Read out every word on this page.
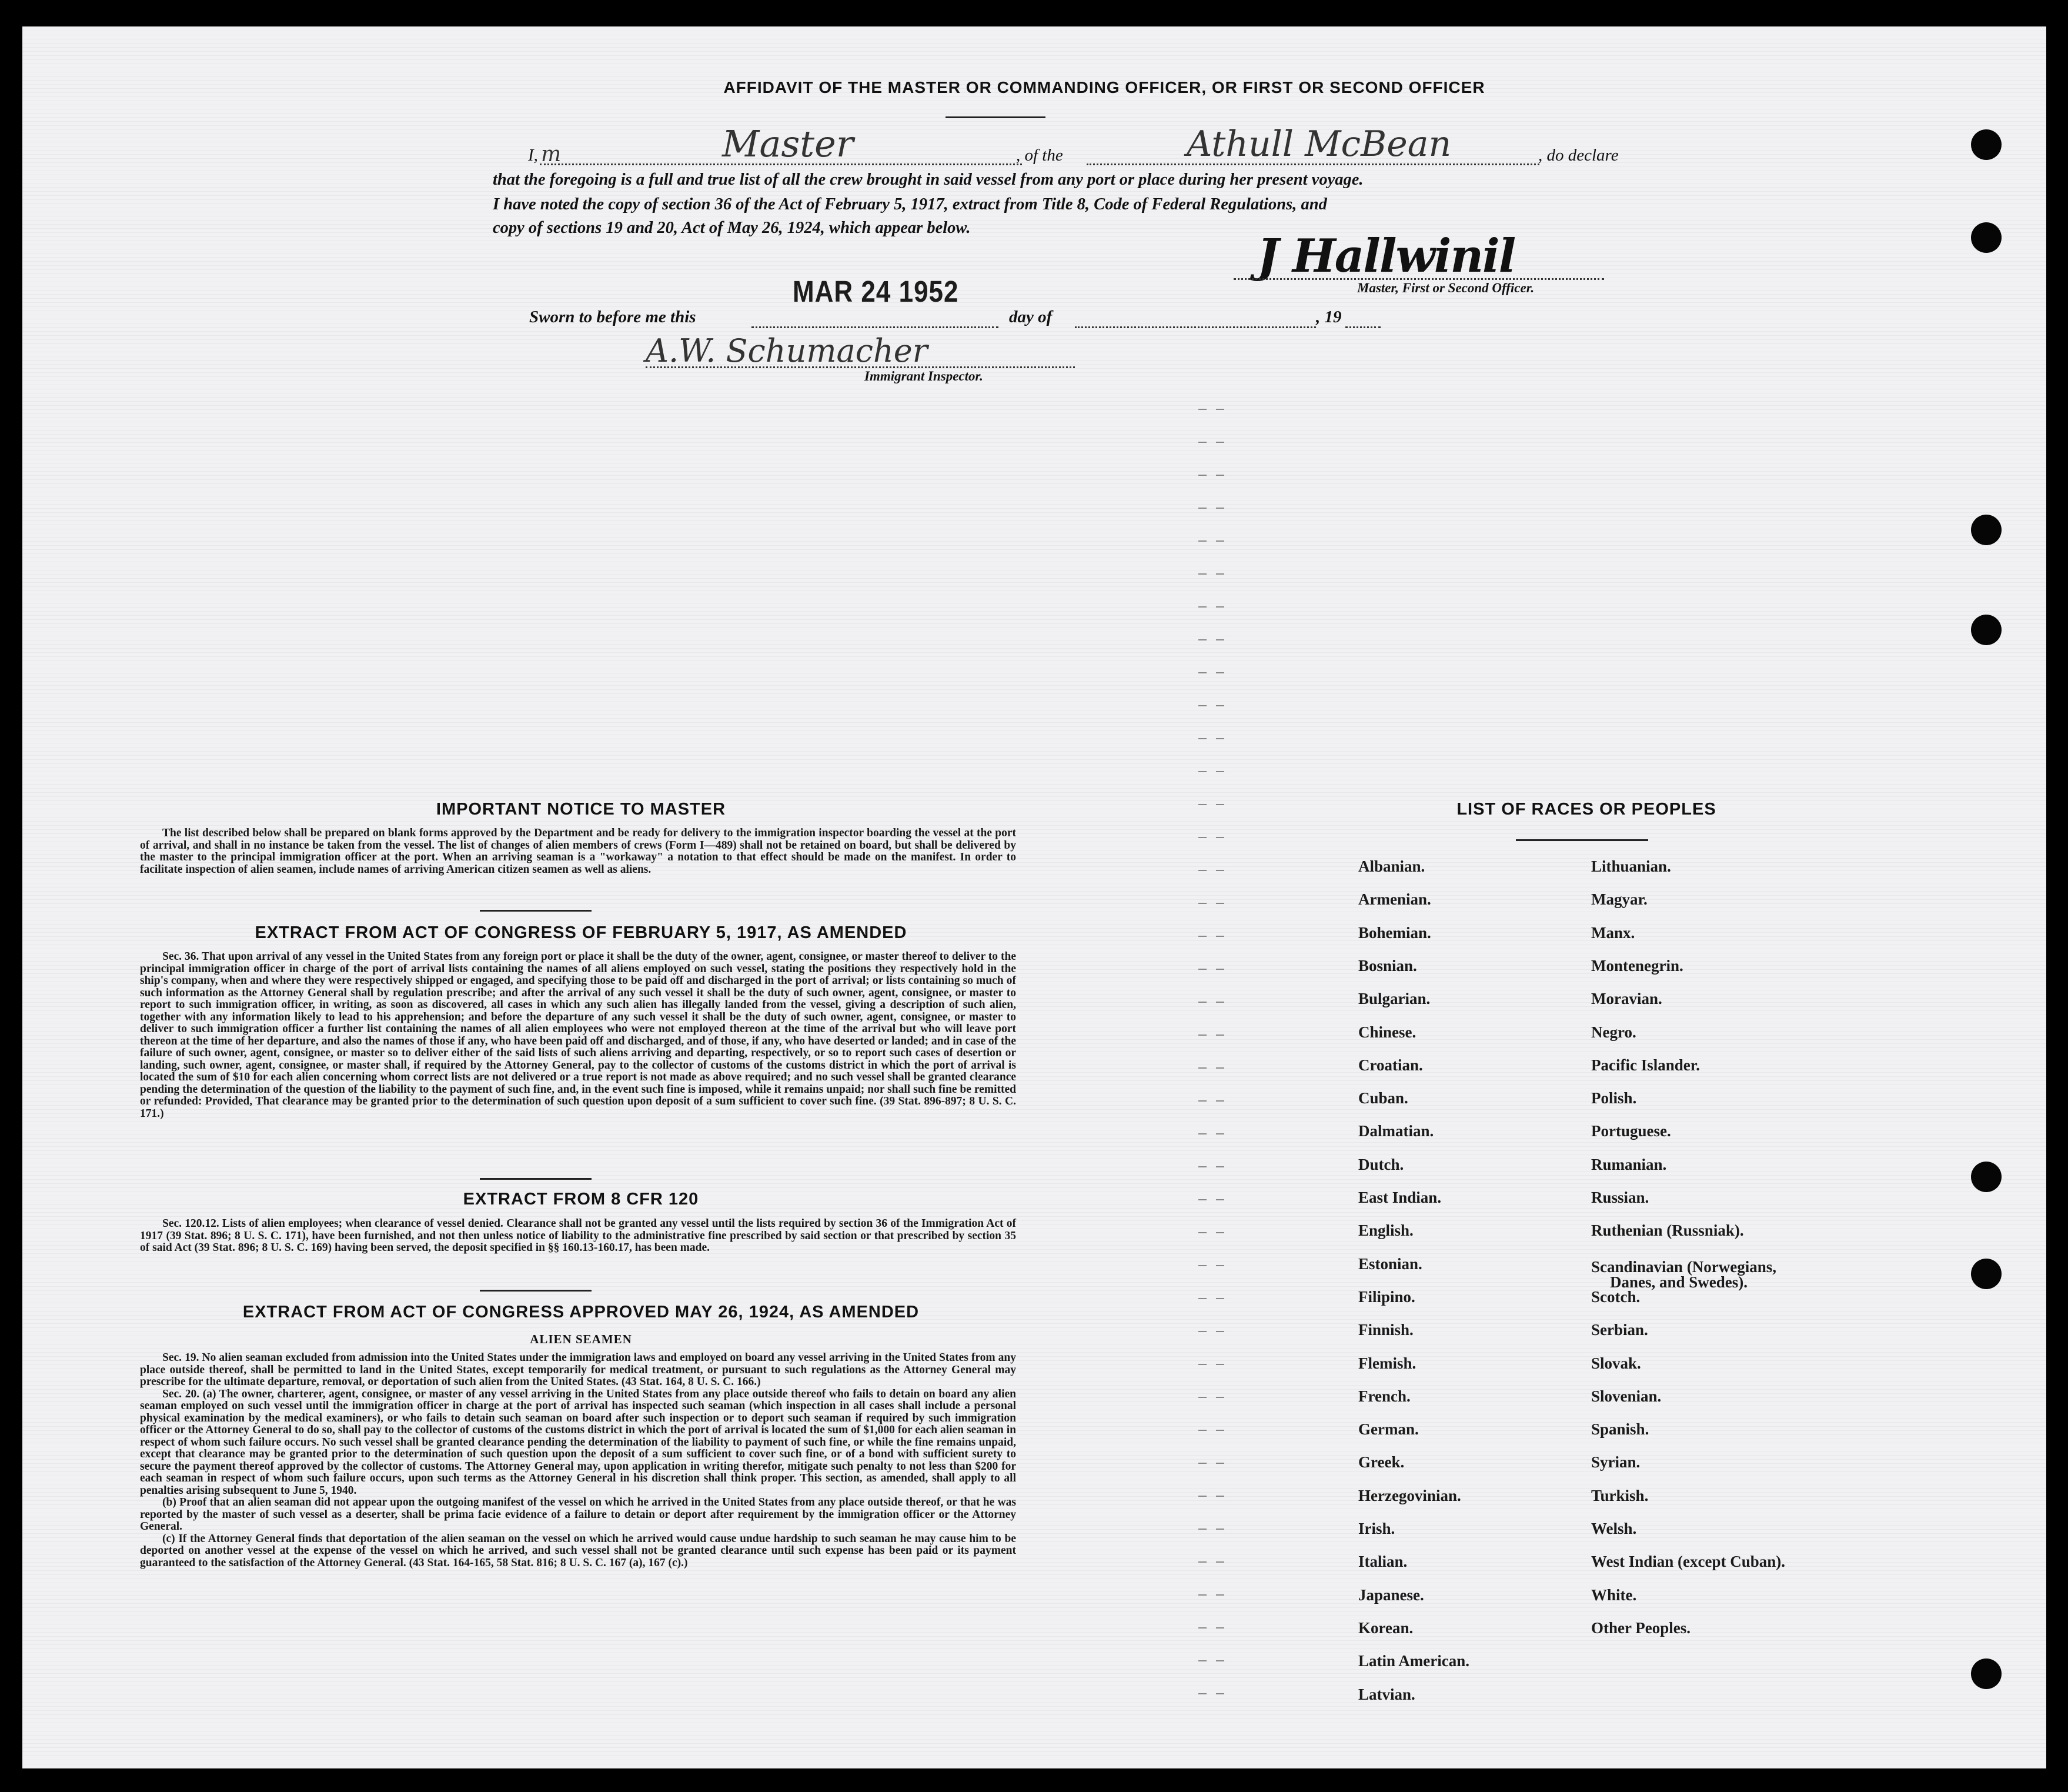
AFFIDAVIT OF THE MASTER OR COMMANDING OFFICER, OR FIRST OR SECOND OFFICER
I, m	Master	, of the	Athull McBean	, do declare
that the foregoing is a full and true list of all the crew brought in said vessel from any port or place during her present voyage.
I have noted the copy of section 36 of the Act of February 5, 1917, extract from Title 8, Code of Federal Regulations, and
copy of sections 19 and 20, Act of May 26, 1924, which appear below.
J Hallwinil
Master, First or Second Officer.
Sworn to before me this
MAR 24 1952
day of	, 19
A.W. Schumacher
Immigrant Inspector.
IMPORTANT NOTICE TO MASTER

The list described below shall be prepared on blank forms approved by the Department and be ready for delivery to the immigration inspector boarding the vessel at the port of arrival, and shall in no instance be taken from the vessel. The list of changes of alien members of crews (Form I—489) shall not be retained on board, but shall be delivered by the master to the principal immigration officer at the port. When an arriving seaman is a "workaway" a notation to that effect should be made on the manifest. In order to facilitate inspection of alien seamen, include names of arriving American citizen seamen as well as aliens.

EXTRACT FROM ACT OF CONGRESS OF FEBRUARY 5, 1917, AS AMENDED

Sec. 36. That upon arrival of any vessel in the United States from any foreign port or place it shall be the duty of the owner, agent, consignee, or master thereof to deliver to the principal immigration officer in charge of the port of arrival lists containing the names of all aliens employed on such vessel, stating the positions they respectively hold in the ship's company, when and where they were respectively shipped or engaged, and specifying those to be paid off and discharged in the port of arrival; or lists containing so much of such information as the Attorney General shall by regulation prescribe; and after the arrival of any such vessel it shall be the duty of such owner, agent, consignee, or master to report to such immigration officer, in writing, as soon as discovered, all cases in which any such alien has illegally landed from the vessel, giving a description of such alien, together with any information likely to lead to his apprehension; and before the departure of any such vessel it shall be the duty of such owner, agent, consignee, or master to deliver to such immigration officer a further list containing the names of all alien employees who were not employed thereon at the time of the arrival but who will leave port thereon at the time of her departure, and also the names of those if any, who have been paid off and discharged, and of those, if any, who have deserted or landed; and in case of the failure of such owner, agent, consignee, or master so to deliver either of the said lists of such aliens arriving and departing, respectively, or so to report such cases of desertion or landing, such owner, agent, consignee, or master shall, if required by the Attorney General, pay to the collector of customs of the customs district in which the port of arrival is located the sum of $10 for each alien concerning whom correct lists are not delivered or a true report is not made as above required; and no such vessel shall be granted clearance pending the determination of the question of the liability to the payment of such fine, and, in the event such fine is imposed, while it remains unpaid; nor shall such fine be remitted or refunded: Provided, That clearance may be granted prior to the determination of such question upon deposit of a sum sufficient to cover such fine. (39 Stat. 896-897; 8 U. S. C. 171.)

EXTRACT FROM 8 CFR 120

Sec. 120.12. Lists of alien employees; when clearance of vessel denied. Clearance shall not be granted any vessel until the lists required by section 36 of the Immigration Act of 1917 (39 Stat. 896; 8 U. S. C. 171), have been furnished, and not then unless notice of liability to the administrative fine prescribed by said section or that prescribed by section 35 of said Act (39 Stat. 896; 8 U. S. C. 169) having been served, the deposit specified in §§ 160.13-160.17, has been made.

EXTRACT FROM ACT OF CONGRESS APPROVED MAY 26, 1924, AS AMENDED
ALIEN SEAMEN

Sec. 19. No alien seaman excluded from admission into the United States under the immigration laws and employed on board any vessel arriving in the United States from any place outside thereof, shall be permitted to land in the United States, except temporarily for medical treatment, or pursuant to such regulations as the Attorney General may prescribe for the ultimate departure, removal, or deportation of such alien from the United States. (43 Stat. 164, 8 U. S. C. 166.)

Sec. 20. (a) The owner, charterer, agent, consignee, or master of any vessel arriving in the United States from any place outside thereof who fails to detain on board any alien seaman employed on such vessel until the immigration officer in charge at the port of arrival has inspected such seaman (which inspection in all cases shall include a personal physical examination by the medical examiners), or who fails to detain such seaman on board after such inspection or to deport such seaman if required by such immigration officer or the Attorney General to do so, shall pay to the collector of customs of the customs district in which the port of arrival is located the sum of $1,000 for each alien seaman in respect of whom such failure occurs. No such vessel shall be granted clearance pending the determination of the liability to payment of such fine, or while the fine remains unpaid, except that clearance may be granted prior to the determination of such question upon the deposit of a sum sufficient to cover such fine, or of a bond with sufficient surety to secure the payment thereof approved by the collector of customs. The Attorney General may, upon application in writing therefor, mitigate such penalty to not less than $200 for each seaman in respect of whom such failure occurs, upon such terms as the Attorney General in his discretion shall think proper. This section, as amended, shall apply to all penalties arising subsequent to June 5, 1940.

(b) Proof that an alien seaman did not appear upon the outgoing manifest of the vessel on which he arrived in the United States from any place outside thereof, or that he was reported by the master of such vessel as a deserter, shall be prima facie evidence of a failure to detain or deport after requirement by the immigration officer or the Attorney General.

(c) If the Attorney General finds that deportation of the alien seaman on the vessel on which he arrived would cause undue hardship to such seaman he may cause him to be deported on another vessel at the expense of the vessel on which he arrived, and such vessel shall not be granted clearance until such expense has been paid or its payment guaranteed to the satisfaction of the Attorney General. (43 Stat. 164-165, 58 Stat. 816; 8 U. S. C. 167 (a), 167 (c).)

LIST OF RACES OR PEOPLES
Albanian.
Armenian.
Bohemian.
Bosnian.
Bulgarian.
Chinese.
Croatian.
Cuban.
Dalmatian.
Dutch.
East Indian.
English.
Estonian.
Filipino.
Finnish.
Flemish.
French.
German.
Greek.
Herzegovinian.
Irish.
Italian.
Japanese.
Korean.
Latin American.
Latvian.
Lithuanian.
Magyar.
Manx.
Montenegrin.
Moravian.
Negro.
Pacific Islander.
Polish.
Portuguese.
Rumanian.
Russian.
Ruthenian (Russniak).
Scandinavian (Norwegians,
Danes, and Swedes).
Scotch.
Serbian.
Slovak.
Slovenian.
Spanish.
Syrian.
Turkish.
Welsh.
West Indian (except Cuban).
White.
Other Peoples.
